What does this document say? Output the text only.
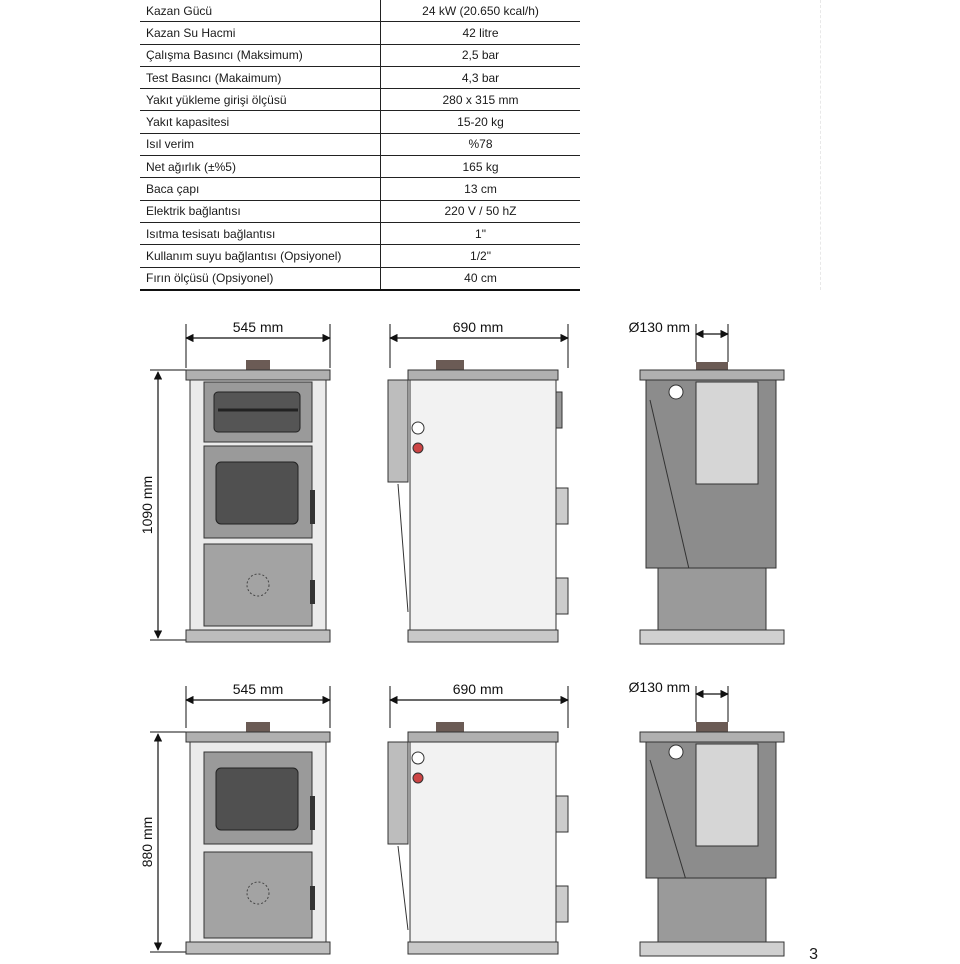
Kazan Gücü	24 kW (20.650 kcal/h)
Kazan Su Hacmi	42 litre
Çalışma Basıncı (Maksimum)	2,5 bar
Test Basıncı (Makaimum)	4,3 bar
Yakıt yükleme girişi ölçüsü	280 x 315 mm
Yakıt kapasitesi	15-20 kg
Isıl verim	%78
Net ağırlık (±%5)	165 kg
Baca çapı	13 cm
Elektrik bağlantısı	220 V / 50 hZ
Isıtma tesisatı bağlantısı	1"
Kullanım suyu bağlantısı (Opsiyonel)	1/2"
Fırın ölçüsü (Opsiyonel)	40 cm
545 mm
1090 mm
690 mm	Ø130 mm
545 mm
880 mm
690 mm	Ø130 mm
3
